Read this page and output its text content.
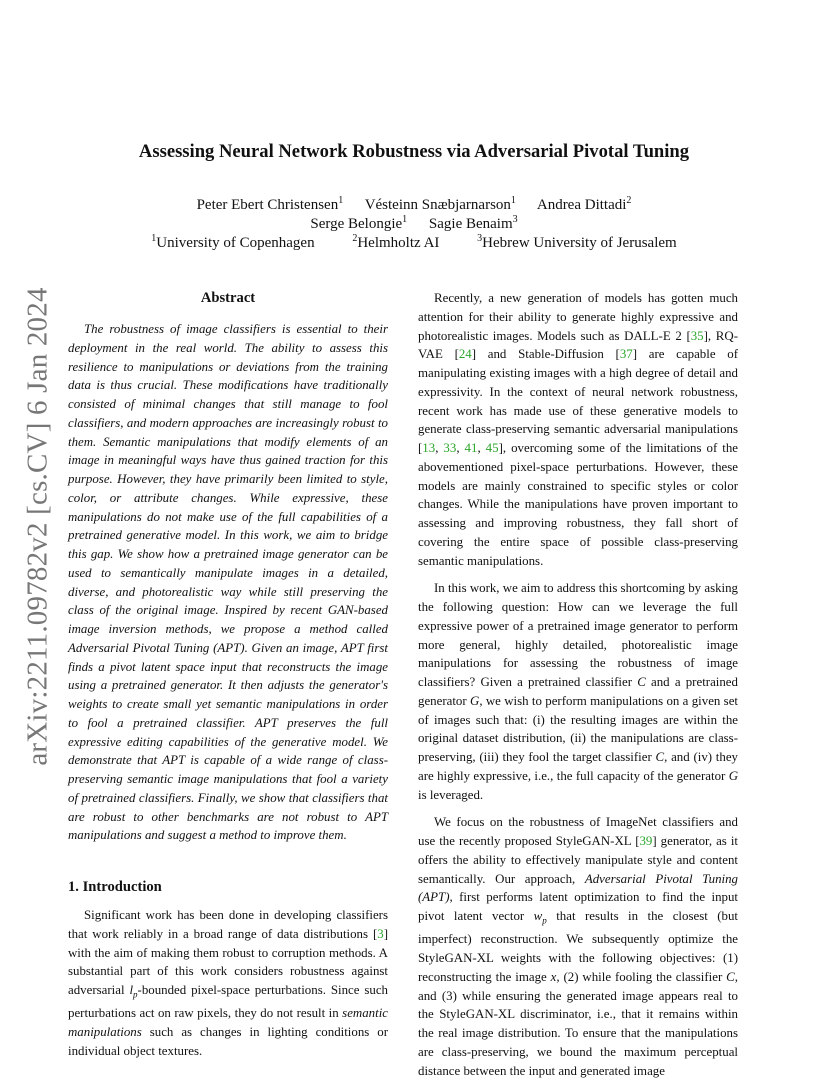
arXiv:2211.09782v2 [cs.CV] 6 Jan 2024
Assessing Neural Network Robustness via Adversarial Pivotal Tuning
Peter Ebert Christensen$^1$ Vésteinn Snæbjarnarson$^1$ Andrea Dittadi$^2$
Serge Belongie$^1$ Sagie Benaim$^3$
$^1$University of Copenhagen	$^2$Helmholtz AI	$^3$Hebrew University of Jerusalem
Abstract

The robustness of image classifiers is essential to their deployment in the real world. The ability to assess this resilience to manipulations or deviations from the training data is thus crucial. These modifications have traditionally consisted of minimal changes that still manage to fool classifiers, and modern approaches are increasingly robust to them. Semantic manipulations that modify elements of an image in meaningful ways have thus gained traction for this purpose. However, they have primarily been limited to style, color, or attribute changes. While expressive, these manipulations do not make use of the full capabilities of a pretrained generative model. In this work, we aim to bridge this gap. We show how a pretrained image generator can be used to semantically manipulate images in a detailed, diverse, and photorealistic way while still preserving the class of the original image. Inspired by recent GAN-based image inversion methods, we propose a method called Adversarial Pivotal Tuning (APT). Given an image, APT first finds a pivot latent space input that reconstructs the image using a pretrained generator. It then adjusts the generator's weights to create small yet semantic manipulations in order to fool a pretrained classifier. APT preserves the full expressive editing capabilities of the generative model. We demonstrate that APT is capable of a wide range of class-preserving semantic image manipulations that fool a variety of pretrained classifiers. Finally, we show that classifiers that are robust to other benchmarks are not robust to APT manipulations and suggest a method to improve them.

1. Introduction

Significant work has been done in developing classifiers that work reliably in a broad range of data distributions [3] with the aim of making them robust to corruption methods. A substantial part of this work considers robustness against adversarial $l_p$-bounded pixel-space perturbations. Since such perturbations act on raw pixels, they do not result in semantic manipulations such as changes in lighting conditions or individual object textures.

Recently, a new generation of models has gotten much attention for their ability to generate highly expressive and photorealistic images. Models such as DALL-E 2 [35], RQ-VAE [24] and Stable-Diffusion [37] are capable of manipulating existing images with a high degree of detail and expressivity. In the context of neural network robustness, recent work has made use of these generative models to generate class-preserving semantic adversarial manipulations [13, 33, 41, 45], overcoming some of the limitations of the abovementioned pixel-space perturbations. However, these models are mainly constrained to specific styles or color changes. While the manipulations have proven important to assessing and improving robustness, they fall short of covering the entire space of possible class-preserving semantic manipulations.

In this work, we aim to address this shortcoming by asking the following question: How can we leverage the full expressive power of a pretrained image generator to perform more general, highly detailed, photorealistic image manipulations for assessing the robustness of image classifiers? Given a pretrained classifier C and a pretrained generator G, we wish to perform manipulations on a given set of images such that: (i) the resulting images are within the original dataset distribution, (ii) the manipulations are class-preserving, (iii) they fool the target classifier C, and (iv) they are highly expressive, i.e., the full capacity of the generator G is leveraged.

We focus on the robustness of ImageNet classifiers and use the recently proposed StyleGAN-XL [39] generator, as it offers the ability to effectively manipulate style and content semantically. Our approach, Adversarial Pivotal Tuning (APT), first performs latent optimization to find the input pivot latent vector $w_p$ that results in the closest (but imperfect) reconstruction. We subsequently optimize the StyleGAN-XL weights with the following objectives: (1) reconstructing the image x, (2) while fooling the classifier C, and (3) while ensuring the generated image appears real to the StyleGAN-XL discriminator, i.e., that it remains within the real image distribution. To ensure that the manipulations are class-preserving, we bound the maximum perceptual distance between the input and generated image
